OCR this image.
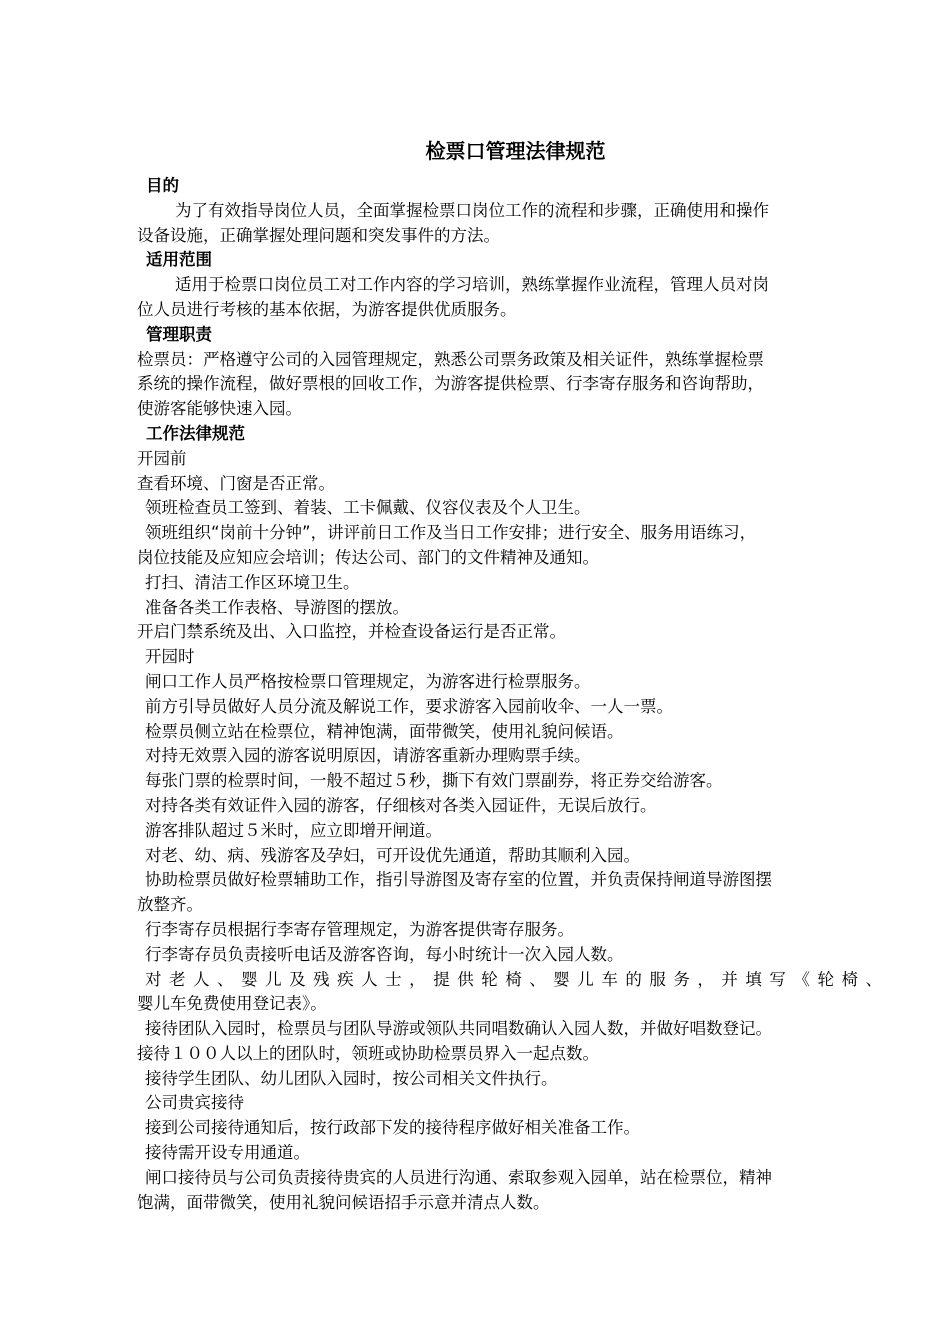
检票口管理法律规范

目的

为了有效指导岗位人员，全面掌握检票口岗位工作的流程和步骤，正确使用和操作

设备设施，正确掌握处理问题和突发事件的方法。

适用范围

适用于检票口岗位员工对工作内容的学习培训，熟练掌握作业流程，管理人员对岗

位人员进行考核的基本依据，为游客提供优质服务。

管理职责

检票员：严格遵守公司的入园管理规定，熟悉公司票务政策及相关证件，熟练掌握检票

系统的操作流程，做好票根的回收工作，为游客提供检票、行李寄存服务和咨询帮助，

使游客能够快速入园。

工作法律规范

开园前

查看环境、门窗是否正常。

领班检查员工签到、着装、工卡佩戴、仪容仪表及个人卫生。

领班组织“岗前十分钟”，讲评前日工作及当日工作安排；进行安全、服务用语练习，

岗位技能及应知应会培训；传达公司、部门的文件精神及通知。

打扫、清洁工作区环境卫生。

准备各类工作表格、导游图的摆放。

开启门禁系统及出、入口监控，并检查设备运行是否正常。

开园时

闸口工作人员严格按检票口管理规定，为游客进行检票服务。

前方引导员做好人员分流及解说工作，要求游客入园前收伞、一人一票。

检票员侧立站在检票位，精神饱满，面带微笑，使用礼貌问候语。

对持无效票入园的游客说明原因，请游客重新办理购票手续。

每张门票的检票时间，一般不超过５秒，撕下有效门票副券，将正券交给游客。

对持各类有效证件入园的游客，仔细核对各类入园证件，无误后放行。

游客排队超过５米时，应立即增开闸道。

对老、幼、病、残游客及孕妇，可开设优先通道，帮助其顺利入园。

协助检票员做好检票辅助工作，指引导游图及寄存室的位置，并负责保持闸道导游图摆

放整齐。

行李寄存员根据行李寄存管理规定，为游客提供寄存服务。

行李寄存员负责接听电话及游客咨询，每小时统计一次入园人数。

对老人、婴儿及残疾人士，提供轮椅、婴儿车的服务，并填写《轮椅、

婴儿车免费使用登记表》。

接待团队入园时，检票员与团队导游或领队共同唱数确认入园人数，并做好唱数登记。

接待１００人以上的团队时，领班或协助检票员界入一起点数。

接待学生团队、幼儿团队入园时，按公司相关文件执行。

公司贵宾接待

接到公司接待通知后，按行政部下发的接待程序做好相关准备工作。

接待需开设专用通道。

闸口接待员与公司负责接待贵宾的人员进行沟通、索取参观入园单，站在检票位，精神

饱满，面带微笑，使用礼貌问候语招手示意并清点人数。
